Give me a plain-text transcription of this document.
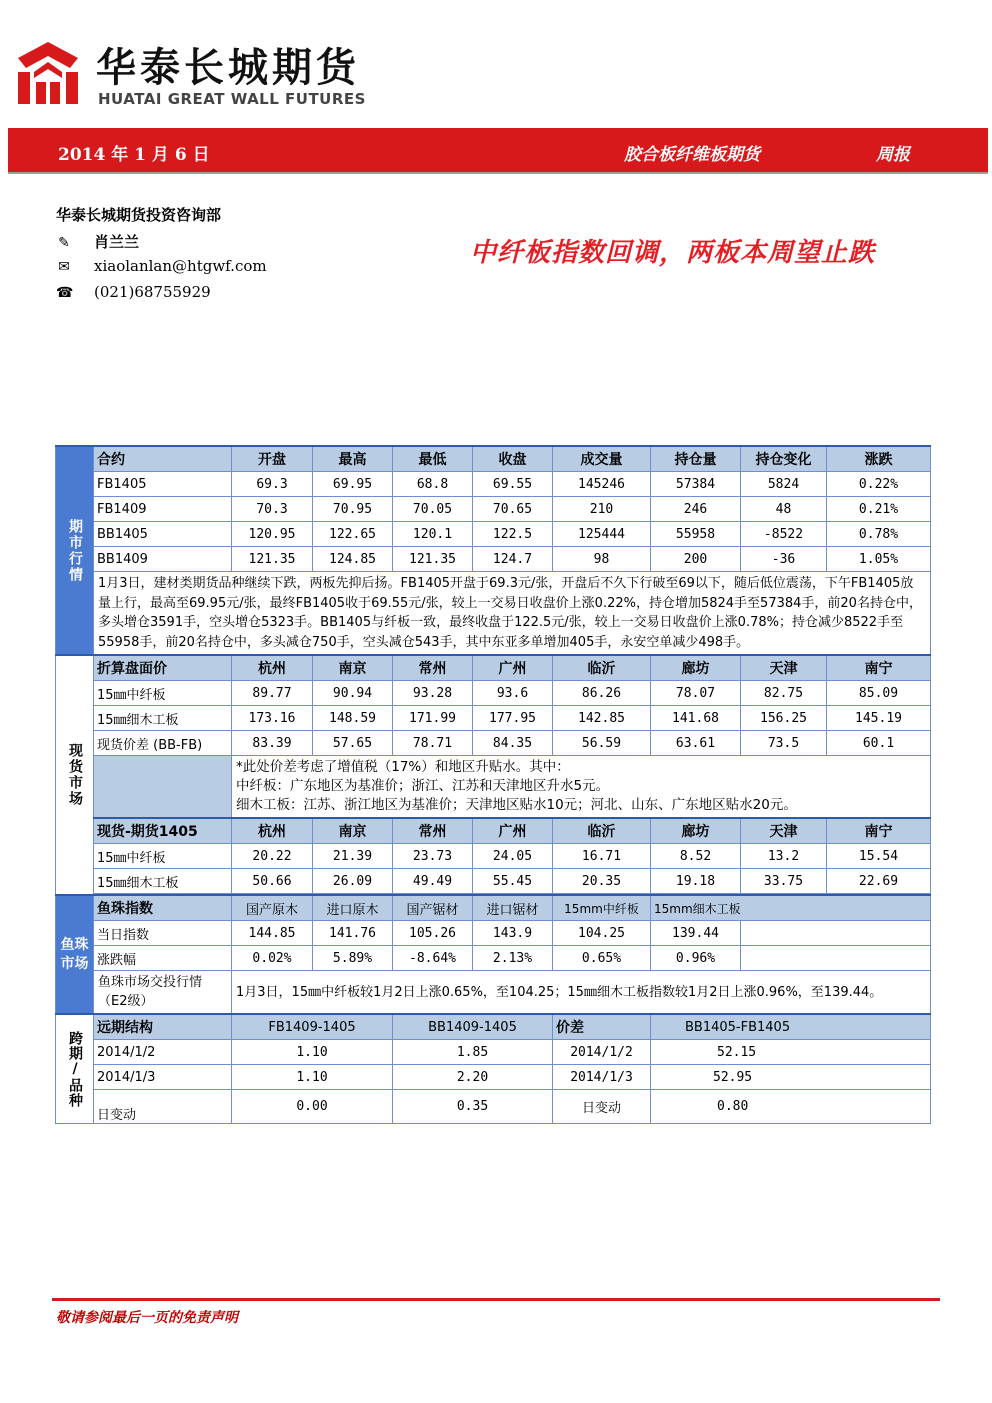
华泰长城期货
HUATAI GREAT WALL FUTURES
2014 年 1 月 6 日	胶合板纤维板期货	周报
华泰长城期货投资咨询部
✎ 肖兰兰
✉ xiaolanlan@htgwf.com
☎ (021)68755929
中纤板指数回调，两板本周望止跌
期市行情	合约	开盘	最高	最低	收盘	成交量	持仓量	持仓变化	涨跌
	FB1405	69.3	69.95	68.8	69.55	145246	57384	5824	0.22%
	FB1409	70.3	70.95	70.05	70.65	210	246	48	0.21%
	BB1405	120.95	122.65	120.1	122.5	125444	55958	-8522	0.78%
	BB1409	121.35	124.85	121.35	124.7	98	200	-36	1.05%
	1月3日，建材类期货品种继续下跌，两板先抑后扬。FB1405开盘于69.3元/张，开盘后不久下行破至69以下，随后低位震荡，下午FB1405放量上行，最高至69.95元/张，最终FB1405收于69.55元/张，较上一交易日收盘价上涨0.22%，持仓增加5824手至57384手，前20名持仓中，多头增仓3591手，空头增仓5323手。BB1405与纤板一致，最终收盘于122.5元/张，较上一交易日收盘价上涨0.78%；持仓减少8522手至55958手，前20名持仓中，多头减仓750手，空头减仓543手，其中东亚多单增加405手，永安空单减少498手。								
现货市场	折算盘面价	杭州	南京	常州	广州	临沂	廊坊	天津	南宁
	15㎜中纤板	89.77	90.94	93.28	93.6	86.26	78.07	82.75	85.09
	15㎜细木工板	173.16	148.59	171.99	177.95	142.85	141.68	156.25	145.19
	现货价差 (BB-FB)	83.39	57.65	78.71	84.35	56.59	63.61	73.5	60.1

		*此处价差考虑了增值税（17%）和地区升贴水。其中：
中纤板：广东地区为基准价；浙江、江苏和天津地区升水5元。
细木工板：江苏、浙江地区为基准价；天津地区贴水10元；河北、山东、广东地区贴水20元。							

	现货-期货1405	杭州	南京	常州	广州	临沂	廊坊	天津	南宁
	15㎜中纤板	20.22	21.39	23.73	24.05	16.71	8.52	13.2	15.54
	15㎜细木工板	50.66	26.09	49.49	55.45	20.35	19.18	33.75	22.69

鱼珠市场	鱼珠指数	国产原木	进口原木	国产锯材	进口锯材	15mm中纤板	15mm细木工板		
	当日指数	144.85	141.76	105.26	143.9	104.25	139.44		
	涨跌幅	0.02%	5.89%	-8.64%	2.13%	0.65%	0.96%		
	鱼珠市场交投行情（E2级）	1月3日，15㎜中纤板较1月2日上涨0.65%，至104.25；15㎜细木工板指数较1月2日上涨0.96%，至139.44。							
跨期/品种	远期结构	FB1409-1405		BB1409-1405		价差	BB1405-FB1405		
	2014/1/2	1.10		1.85		2014/1/2	52.15		
	2014/1/3	1.10		2.20		2014/1/3	52.95		
	日变动	0.00		0.35		日变动	0.80		
敬请参阅最后一页的免责声明
